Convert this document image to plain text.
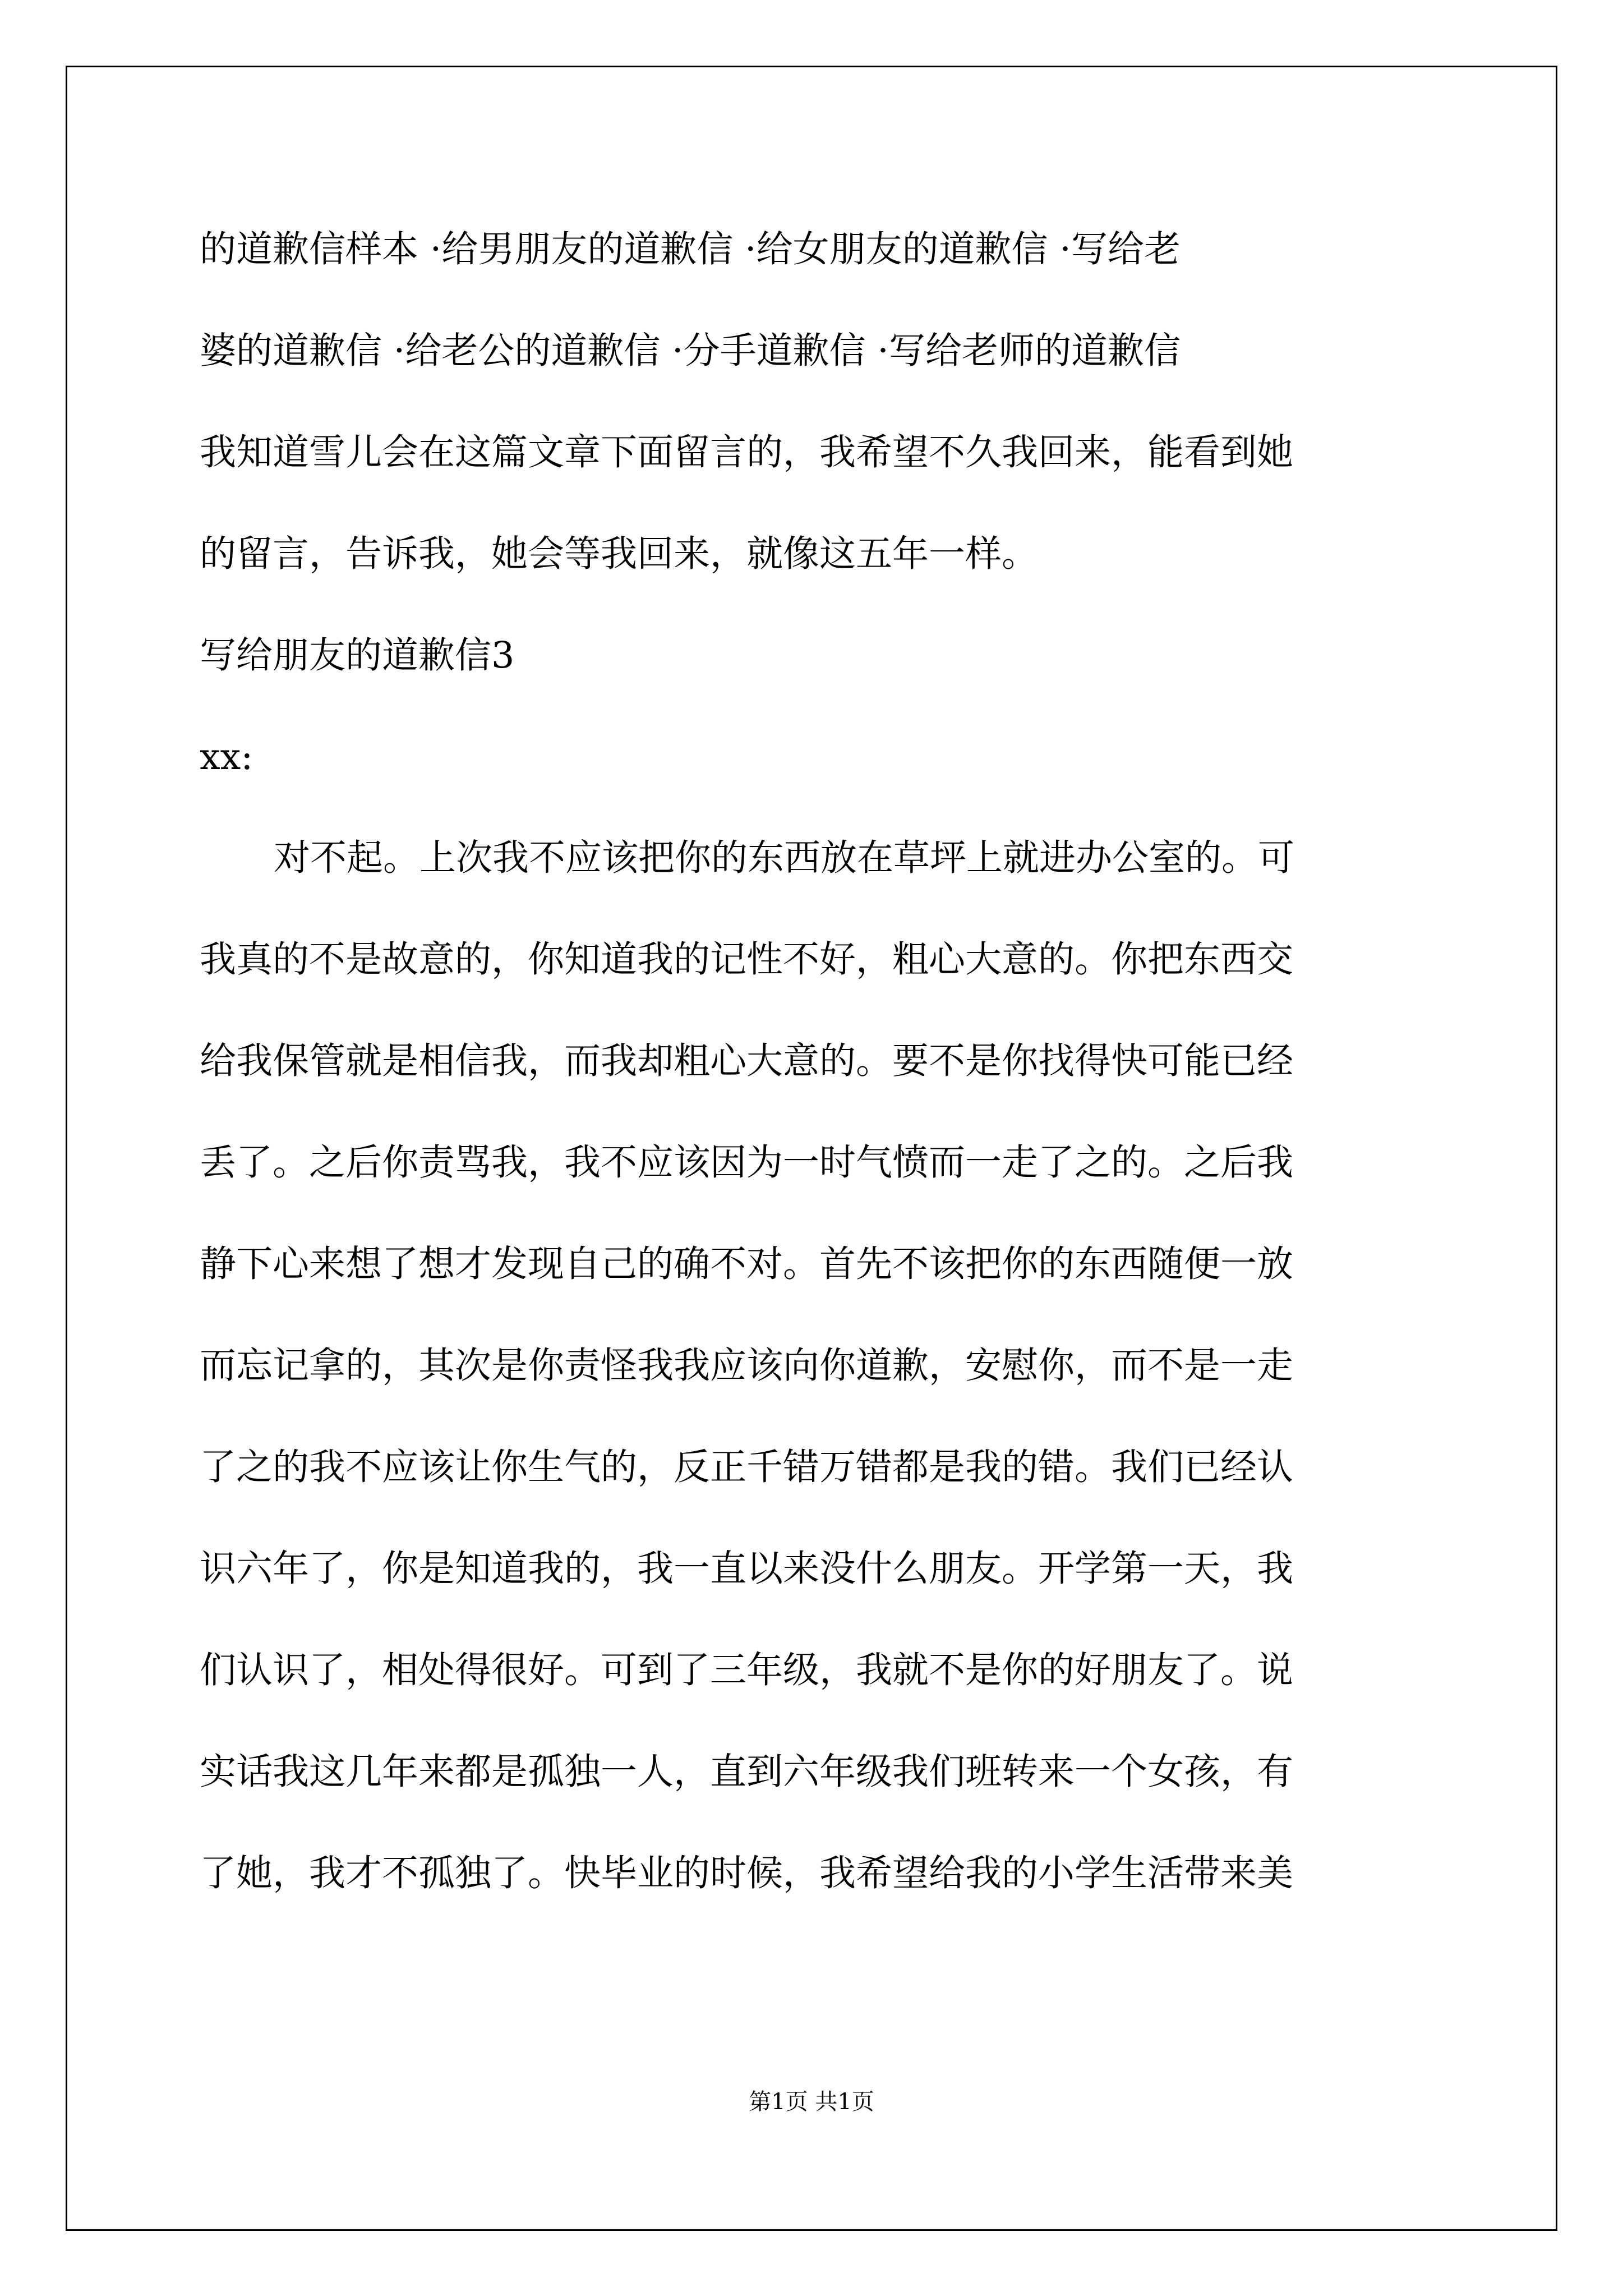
的道歉信样本 ·给男朋友的道歉信 ·给女朋友的道歉信 ·写给老
婆的道歉信 ·给老公的道歉信 ·分手道歉信 ·写给老师的道歉信
我知道雪儿会在这篇文章下面留言的，我希望不久我回来，能看到她
的留言，告诉我，她会等我回来，就像这五年一样。
写给朋友的道歉信3
xx:
对不起。上次我不应该把你的东西放在草坪上就进办公室的。可
我真的不是故意的，你知道我的记性不好，粗心大意的。你把东西交
给我保管就是相信我，而我却粗心大意的。要不是你找得快可能已经
丢了。之后你责骂我，我不应该因为一时气愤而一走了之的。之后我
静下心来想了想才发现自己的确不对。首先不该把你的东西随便一放
而忘记拿的，其次是你责怪我我应该向你道歉，安慰你，而不是一走
了之的我不应该让你生气的，反正千错万错都是我的错。我们已经认
识六年了，你是知道我的，我一直以来没什么朋友。开学第一天，我
们认识了，相处得很好。可到了三年级，我就不是你的好朋友了。说
实话我这几年来都是孤独一人，直到六年级我们班转来一个女孩，有
了她，我才不孤独了。快毕业的时候，我希望给我的小学生活带来美
第1页 共1页
